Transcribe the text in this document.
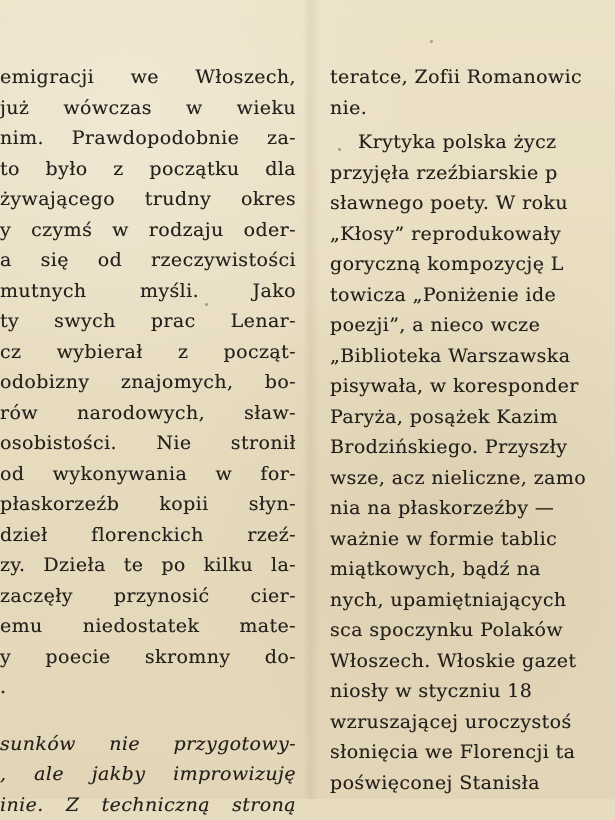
emigracji we Włoszech,
już wówczas w wieku
nim. Prawdopodobnie za-
to było z początku dla
żywającego trudny okres
y czymś w rodzaju oder-
a się od rzeczywistości
mutnych myśli. Jako
ty swych prac Lenar-
cz wybierał z począt-
odobizny znajomych, bo-
rów narodowych, sław-
osobistości. Nie stronił
od wykonywania w for-
płaskorzeźb kopii słyn-
dzieł florenckich rzeź-
zy. Dzieła te po kilku la-
zaczęły przynosić cier-
emu niedostatek mate-
y poecie skromny do-
.
sunków nie przygotowy-
, ale jakby improwizuję
inie. Z techniczną stroną
teratce, Zofii Romanowic
nie.
Krytyka polska życz
przyjęła rzeźbiarskie p
sławnego poety. W roku
„Kłosy” reprodukowały
goryczną kompozycję L
towicza „Poniżenie ide
poezji”, a nieco wcze
„Biblioteka Warszawska
pisywała, w koresponder
Paryża, posążek Kazim
Brodzińskiego. Przyszły
wsze, acz nieliczne, zamo
nia na płaskorzeźby —
ważnie w formie tablic
miątkowych, bądź na
nych, upamiętniających
sca spoczynku Polaków
Włoszech. Włoskie gazet
niosły w styczniu 18
wzruszającej uroczystoś
słonięcia we Florencji ta
poświęconej Stanisła
